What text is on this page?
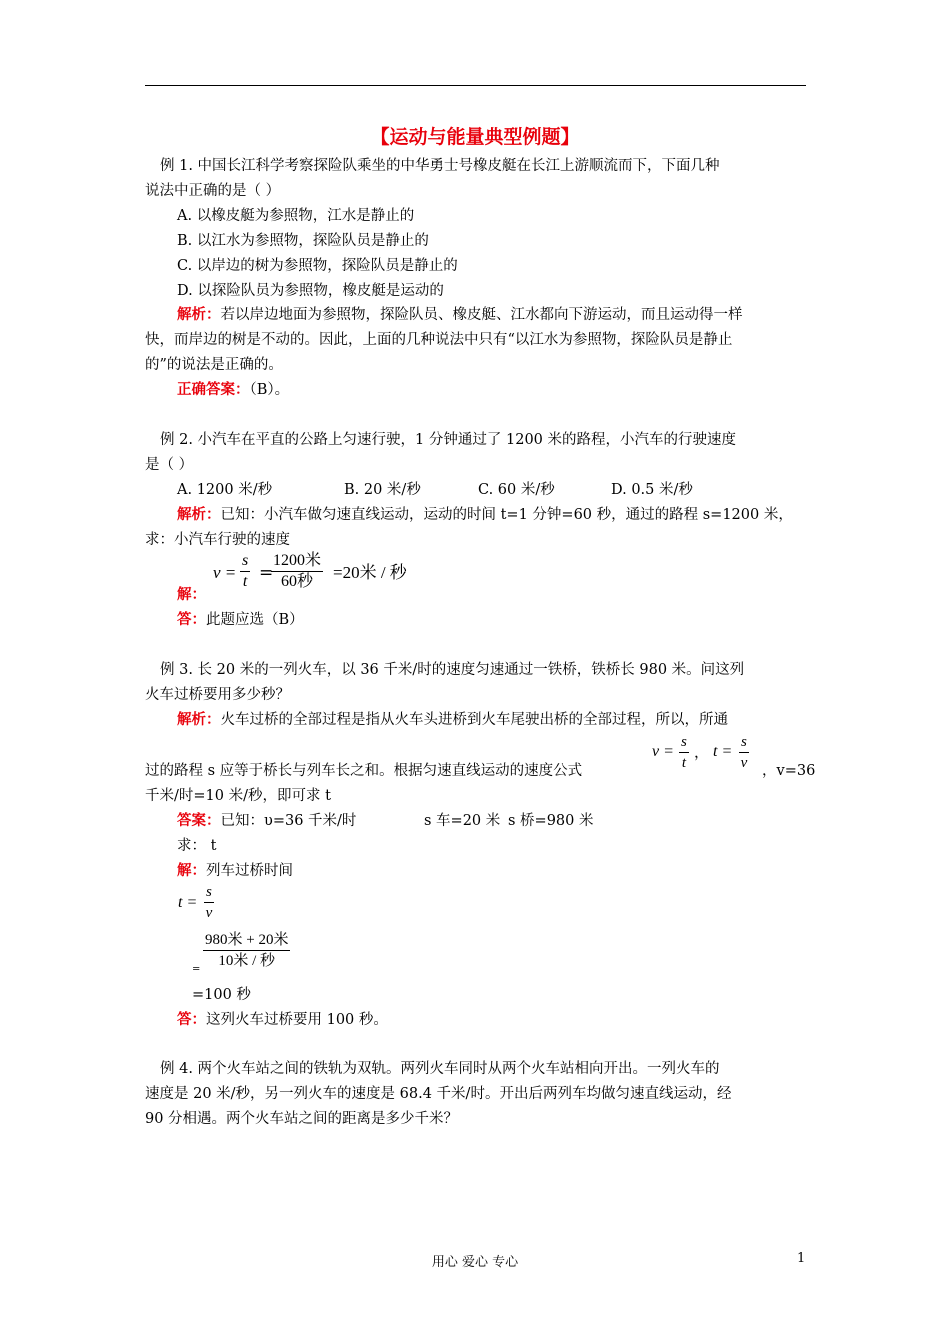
【运动与能量典型例题】
例 1. 中国长江科学考察探险队乘坐的中华勇士号橡皮艇在长江上游顺流而下，下面几种
说法中正确的是（ ）
A. 以橡皮艇为参照物，江水是静止的
B. 以江水为参照物，探险队员是静止的
C. 以岸边的树为参照物，探险队员是静止的
D. 以探险队员为参照物，橡皮艇是运动的
解析：若以岸边地面为参照物，探险队员、橡皮艇、江水都向下游运动，而且运动得一样
快，而岸边的树是不动的。因此，上面的几种说法中只有“以江水为参照物，探险队员是静止
的”的说法是正确的。
正确答案：（B）。
例 2. 小汽车在平直的公路上匀速行驶，1 分钟通过了 1200 米的路程，小汽车的行驶速度
是（ ）
A. 1200 米/秒	B. 20 米/秒	C. 60 米/秒	D. 0.5 米/秒
解析：已知：小汽车做匀速直线运动，运动的时间 t=1 分钟=60 秒，通过的路程 s=1200 米，
求：小汽车行驶的速度
$v = \frac{s}{t}$ =
1200米
60秒	=20米 / 秒
解：
答：此题应选（B）
例 3. 长 20 米的一列火车，以 36 千米/时的速度匀速通过一铁桥，铁桥长 980 米。问这列
火车过桥要用多少秒？
解析：火车过桥的全部过程是指从火车头进桥到火车尾驶出桥的全部过程，所以，所通
过的路程 s 应等于桥长与列车长之和。根据匀速直线运动的速度公式
$v = \frac{s}{t}$ ， $t = \frac{s}{v}$ ，v=36
千米/时=10 米/秒，即可求 t
答案：已知：υ=36 千米/时	s 车=20 米 s 桥=980 米
求： t
解：列车过桥时间
$t = \frac{s}{v}$
980米 + 20米
10米 / 秒
=
=100 秒
答：这列火车过桥要用 100 秒。
例 4. 两个火车站之间的铁轨为双轨。两列火车同时从两个火车站相向开出。一列火车的
速度是 20 米/秒，另一列火车的速度是 68.4 千米/时。开出后两列车均做匀速直线运动，经
90 分相遇。两个火车站之间的距离是多少千米？
用心 爱心 专心	1
